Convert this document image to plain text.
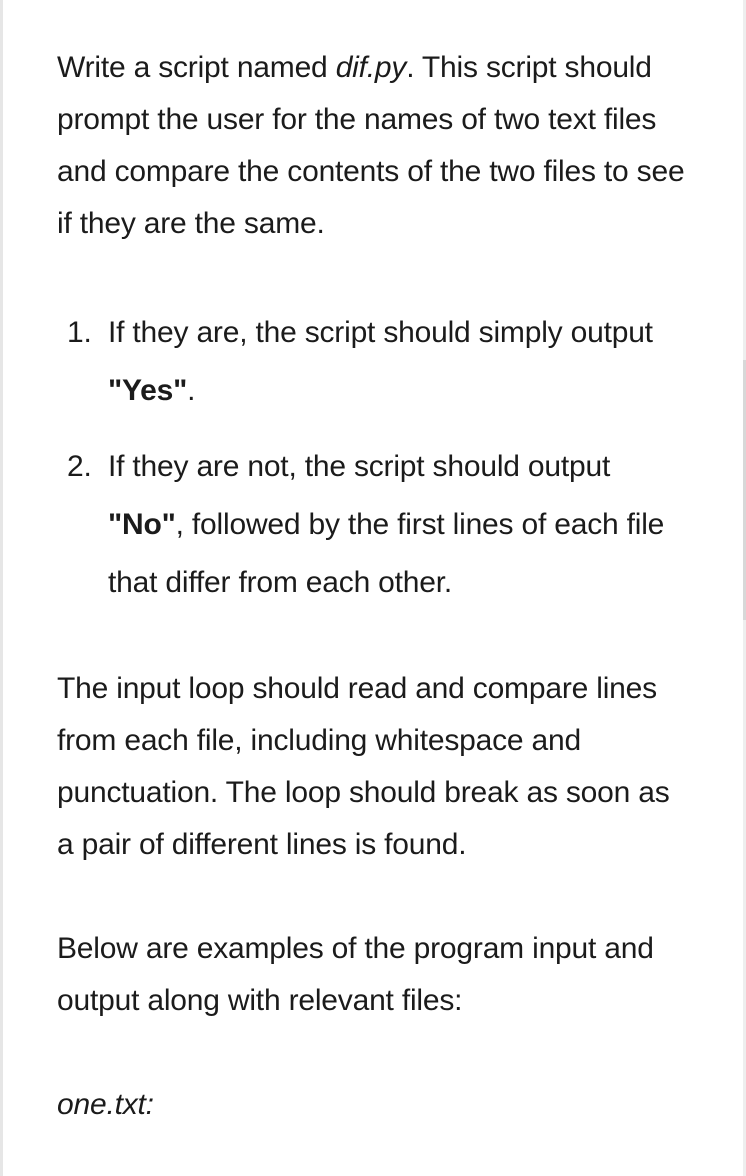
Write a script named dif.py. This script should prompt the user for the names of two text files and compare the contents of the two files to see if they are the same.

1. If they are, the script should simply output "Yes".
2. If they are not, the script should output "No", followed by the first lines of each file that differ from each other.

The input loop should read and compare lines from each file, including whitespace and punctuation. The loop should break as soon as a pair of different lines is found.

Below are examples of the program input and output along with relevant files:

one.txt:
